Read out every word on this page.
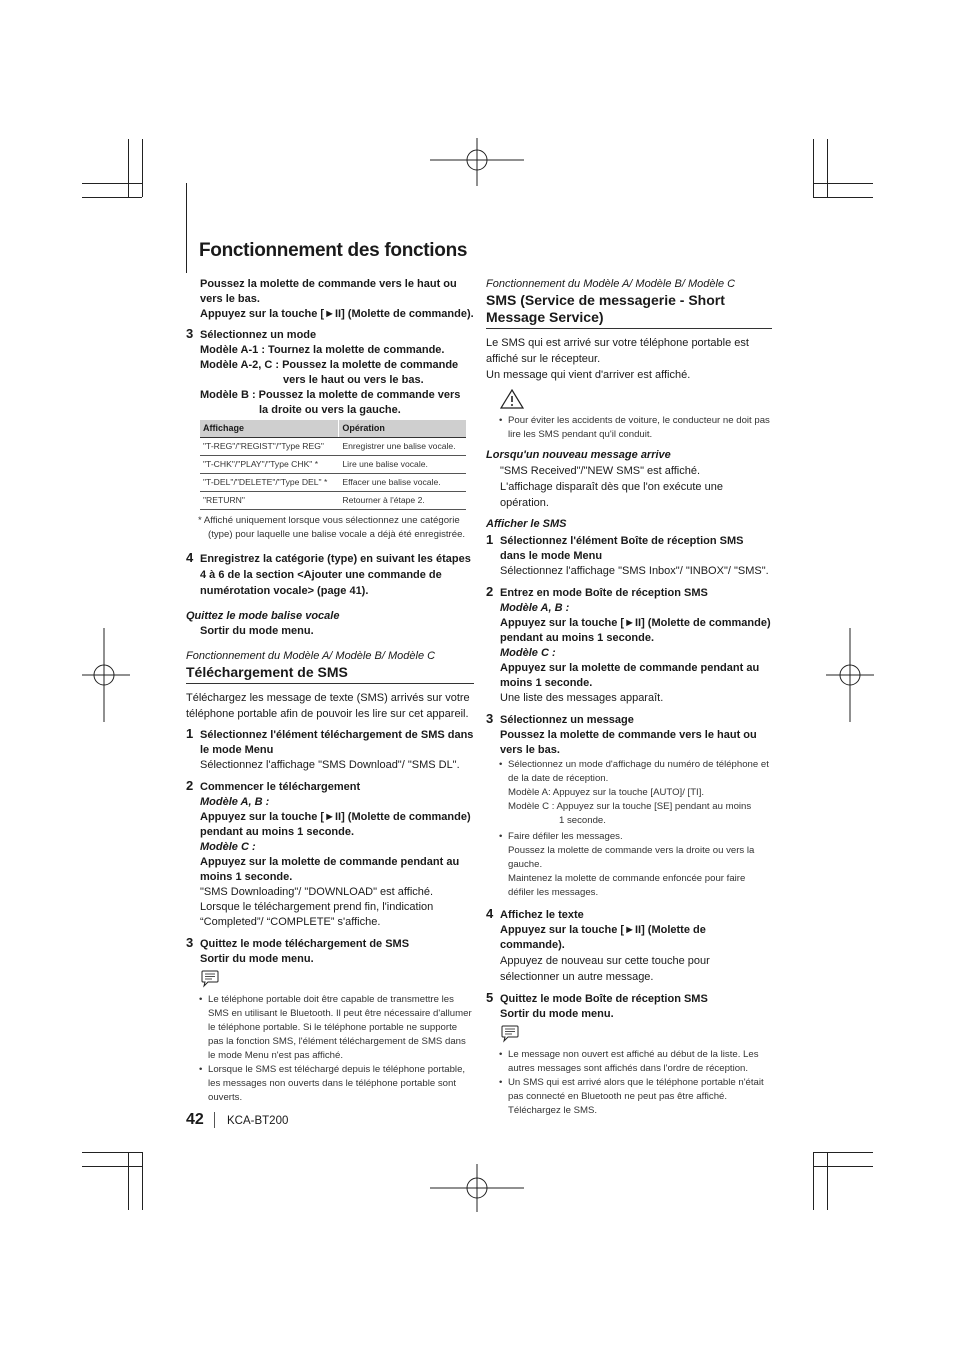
Fonctionnement des fonctions
Poussez la molette de commande vers le haut ou vers le bas.
Appuyez sur la touche [►II] (Molette de commande).
3 Sélectionnez un mode
Modèle A-1 : Tournez la molette de commande.
Modèle A-2, C : Poussez la molette de commande
vers le haut ou vers le bas.
Modèle B : Poussez la molette de commande vers
la droite ou vers la gauche.
Affichage	Opération
"T-REG"/"REGIST"/"Type REG"	Enregistrer une balise vocale.
"T-CHK"/"PLAY"/"Type CHK" *	Lire une balise vocale.
"T-DEL"/"DELETE"/"Type DEL" *	Effacer une balise vocale.
"RETURN"	Retourner à l'étape 2.
* Affiché uniquement lorsque vous sélectionnez une catégorie (type) pour laquelle une balise vocale a déjà été enregistrée.
4 Enregistrez la catégorie (type) en suivant les étapes 4 à 6 de la section <Ajouter une commande de numérotation vocale> (page 41).
Quittez le mode balise vocale
Sortir du mode menu.
Fonctionnement du Modèle A/ Modèle B/ Modèle C
Téléchargement de SMS
Téléchargez les message de texte (SMS) arrivés sur votre téléphone portable afin de pouvoir les lire sur cet appareil.
1 Sélectionnez l'élément téléchargement de SMS dans le mode Menu
Sélectionnez l'affichage "SMS Download"/ "SMS DL".
2 Commencer le téléchargement
Modèle A, B :
Appuyez sur la touche [►II] (Molette de commande) pendant au moins 1 seconde.
Modèle C :
Appuyez sur la molette de commande pendant au moins 1 seconde.
"SMS Downloading"/ "DOWNLOAD" est affiché. Lorsque le téléchargement prend fin, l'indication “Completed”/ “COMPLETE” s'affiche.
3 Quittez le mode téléchargement de SMS
Sortir du mode menu.
• Le téléphone portable doit être capable de transmettre les SMS en utilisant le Bluetooth. Il peut être nécessaire d'allumer le téléphone portable. Si le téléphone portable ne supporte pas la fonction SMS, l'élément téléchargement de SMS dans le mode Menu n'est pas affiché.
• Lorsque le SMS est téléchargé depuis le téléphone portable, les messages non ouverts dans le téléphone portable sont ouverts.
Fonctionnement du Modèle A/ Modèle B/ Modèle C
SMS (Service de messagerie - Short Message Service)
Le SMS qui est arrivé sur votre téléphone portable est affiché sur le récepteur.
Un message qui vient d'arriver est affiché.
• Pour éviter les accidents de voiture, le conducteur ne doit pas lire les SMS pendant qu'il conduit.
Lorsqu'un nouveau message arrive
"SMS Received"/"NEW SMS" est affiché.
L'affichage disparaît dès que l'on exécute une opération.
Afficher le SMS
1 Sélectionnez l'élément Boîte de réception SMS dans le mode Menu
Sélectionnez l'affichage "SMS Inbox"/ "INBOX"/ "SMS".
2 Entrez en mode Boîte de réception SMS
Modèle A, B :
Appuyez sur la touche [►II] (Molette de commande) pendant au moins 1 seconde.
Modèle C :
Appuyez sur la molette de commande pendant au moins 1 seconde.
Une liste des messages apparaît.
3 Sélectionnez un message
Poussez la molette de commande vers le haut ou vers le bas.
• Sélectionnez un mode d'affichage du numéro de téléphone et de la date de réception.
Modèle A: Appuyez sur la touche [AUTO]/ [TI].
Modèle C : Appuyez sur la touche [SE] pendant au moins
1 seconde.
• Faire défiler les messages.
Poussez la molette de commande vers la droite ou vers la gauche.
Maintenez la molette de commande enfoncée pour faire défiler les messages.
4 Affichez le texte
Appuyez sur la touche [►II] (Molette de commande).
Appuyez de nouveau sur cette touche pour sélectionner un autre message.
5 Quittez le mode Boîte de réception SMS
Sortir du mode menu.
• Le message non ouvert est affiché au début de la liste. Les autres messages sont affichés dans l'ordre de réception.
• Un SMS qui est arrivé alors que le téléphone portable n'était pas connecté en Bluetooth ne peut pas être affiché. Téléchargez le SMS.
42 KCA-BT200
